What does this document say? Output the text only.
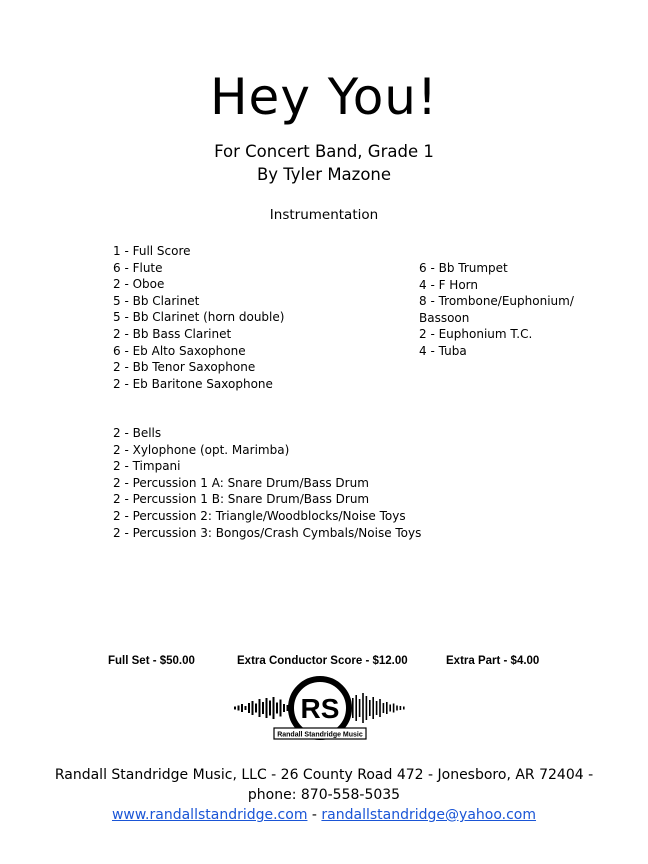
Hey You!
For Concert Band, Grade 1
By Tyler Mazone
Instrumentation
1 - Full Score
6 - Flute
2 - Oboe
5 - Bb Clarinet
5 - Bb Clarinet (horn double)
2 - Bb Bass Clarinet
6 - Eb Alto Saxophone
2 - Bb Tenor Saxophone
2 - Eb Baritone Saxophone
6 - Bb Trumpet
4 - F Horn
8 - Trombone/Euphonium/
Bassoon
2 - Euphonium T.C.
4 - Tuba
2 - Bells
2 - Xylophone (opt. Marimba)
2 - Timpani
2 - Percussion 1 A: Snare Drum/Bass Drum
2 - Percussion 1 B: Snare Drum/Bass Drum
2 - Percussion 2: Triangle/Woodblocks/Noise Toys
2 - Percussion 3: Bongos/Crash Cymbals/Noise Toys
Full Set - $50.00	Extra Conductor Score - $12.00	Extra Part - $4.00
RS
Randall Standridge Music
Randall Standridge Music, LLC - 26 County Road 472 - Jonesboro, AR 72404 -
phone: 870-558-5035
www.randallstandridge.com - randallstandridge@yahoo.com
